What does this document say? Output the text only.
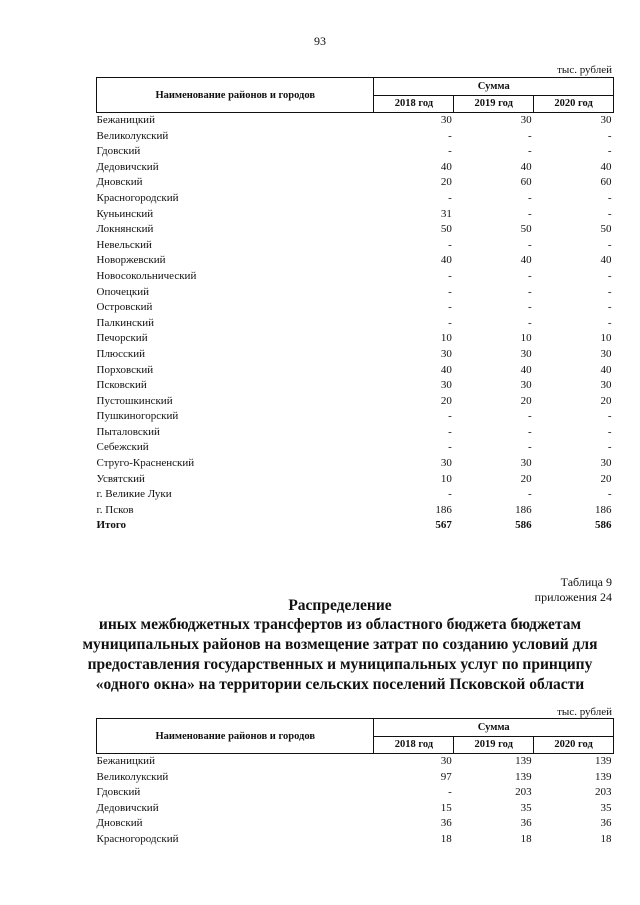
93
тыс. рублей
Наименование районов и городов	Сумма		
	2018 год	2019 год	2020 год
Бежаницкий	30	30	30
Великолукский	-	-	-
Гдовский	-	-	-
Дедовичский	40	40	40
Дновский	20	60	60
Красногородский	-	-	-
Куньинский	31	-	-
Локнянский	50	50	50
Невельский	-	-	-
Новоржевский	40	40	40
Новосокольнический	-	-	-
Опочецкий	-	-	-
Островский	-	-	-
Палкинский	-	-	-
Печорский	10	10	10
Плюсский	30	30	30
Порховский	40	40	40
Псковский	30	30	30
Пустошкинский	20	20	20
Пушкиногорский	-	-	-
Пыталовский	-	-	-
Себежский	-	-	-
Струго-Красненский	30	30	30
Усвятский	10	20	20
г. Великие Луки	-	-	-
г. Псков	186	186	186
Итого	567	586	586
Таблица 9
приложения 24
Распределение
иных межбюджетных трансфертов из областного бюджета бюджетам
муниципальных районов на возмещение затрат по созданию условий для
предоставления государственных и муниципальных услуг по принципу
«одного окна» на территории сельских поселений Псковской области
тыс. рублей
Наименование районов и городов	Сумма		
	2018 год	2019 год	2020 год
Бежаницкий	30	139	139
Великолукский	97	139	139
Гдовский	-	203	203
Дедовичский	15	35	35
Дновский	36	36	36
Красногородский	18	18	18
